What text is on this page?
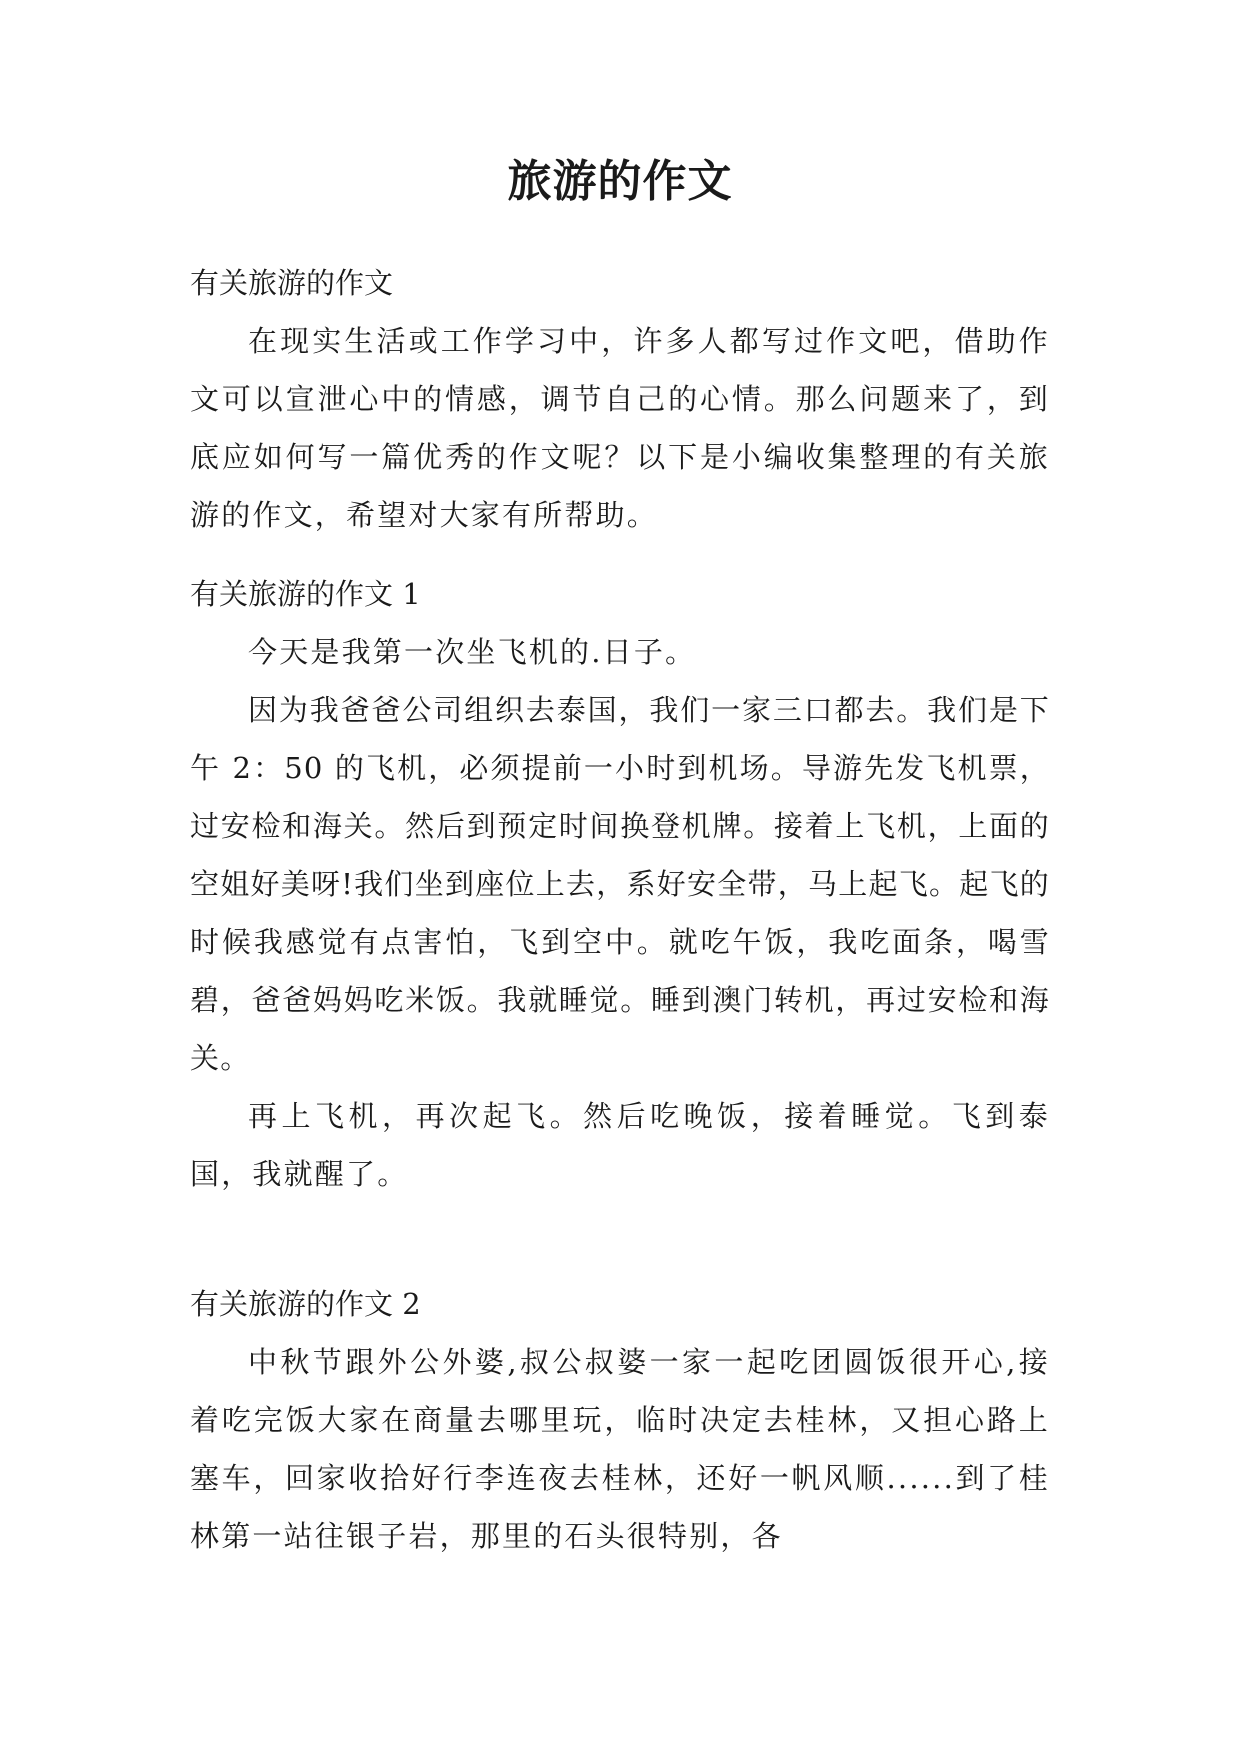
旅游的作文
有关旅游的作文

在现实生活或工作学习中，许多人都写过作文吧，借助作文可以宣泄心中的情感，调节自己的心情。那么问题来了，到底应如何写一篇优秀的作文呢？以下是小编收集整理的有关旅游的作文，希望对大家有所帮助。

有关旅游的作文 1

今天是我第一次坐飞机的.日子。

因为我爸爸公司组织去泰国，我们一家三口都去。我们是下午 2：50 的飞机，必须提前一小时到机场。导游先发飞机票，过安检和海关。然后到预定时间换登机牌。接着上飞机，上面的空姐好美呀!我们坐到座位上去，系好安全带，马上起飞。起飞的时候我感觉有点害怕，飞到空中。就吃午饭，我吃面条，喝雪碧，爸爸妈妈吃米饭。我就睡觉。睡到澳门转机，再过安检和海关。

再上飞机，再次起飞。然后吃晚饭，接着睡觉。飞到泰国，我就醒了。

有关旅游的作文 2

中秋节跟外公外婆,叔公叔婆一家一起吃团圆饭很开心,接着吃完饭大家在商量去哪里玩，临时决定去桂林，又担心路上塞车，回家收拾好行李连夜去桂林，还好一帆风顺......到了桂林第一站往银子岩，那里的石头很特别，各
